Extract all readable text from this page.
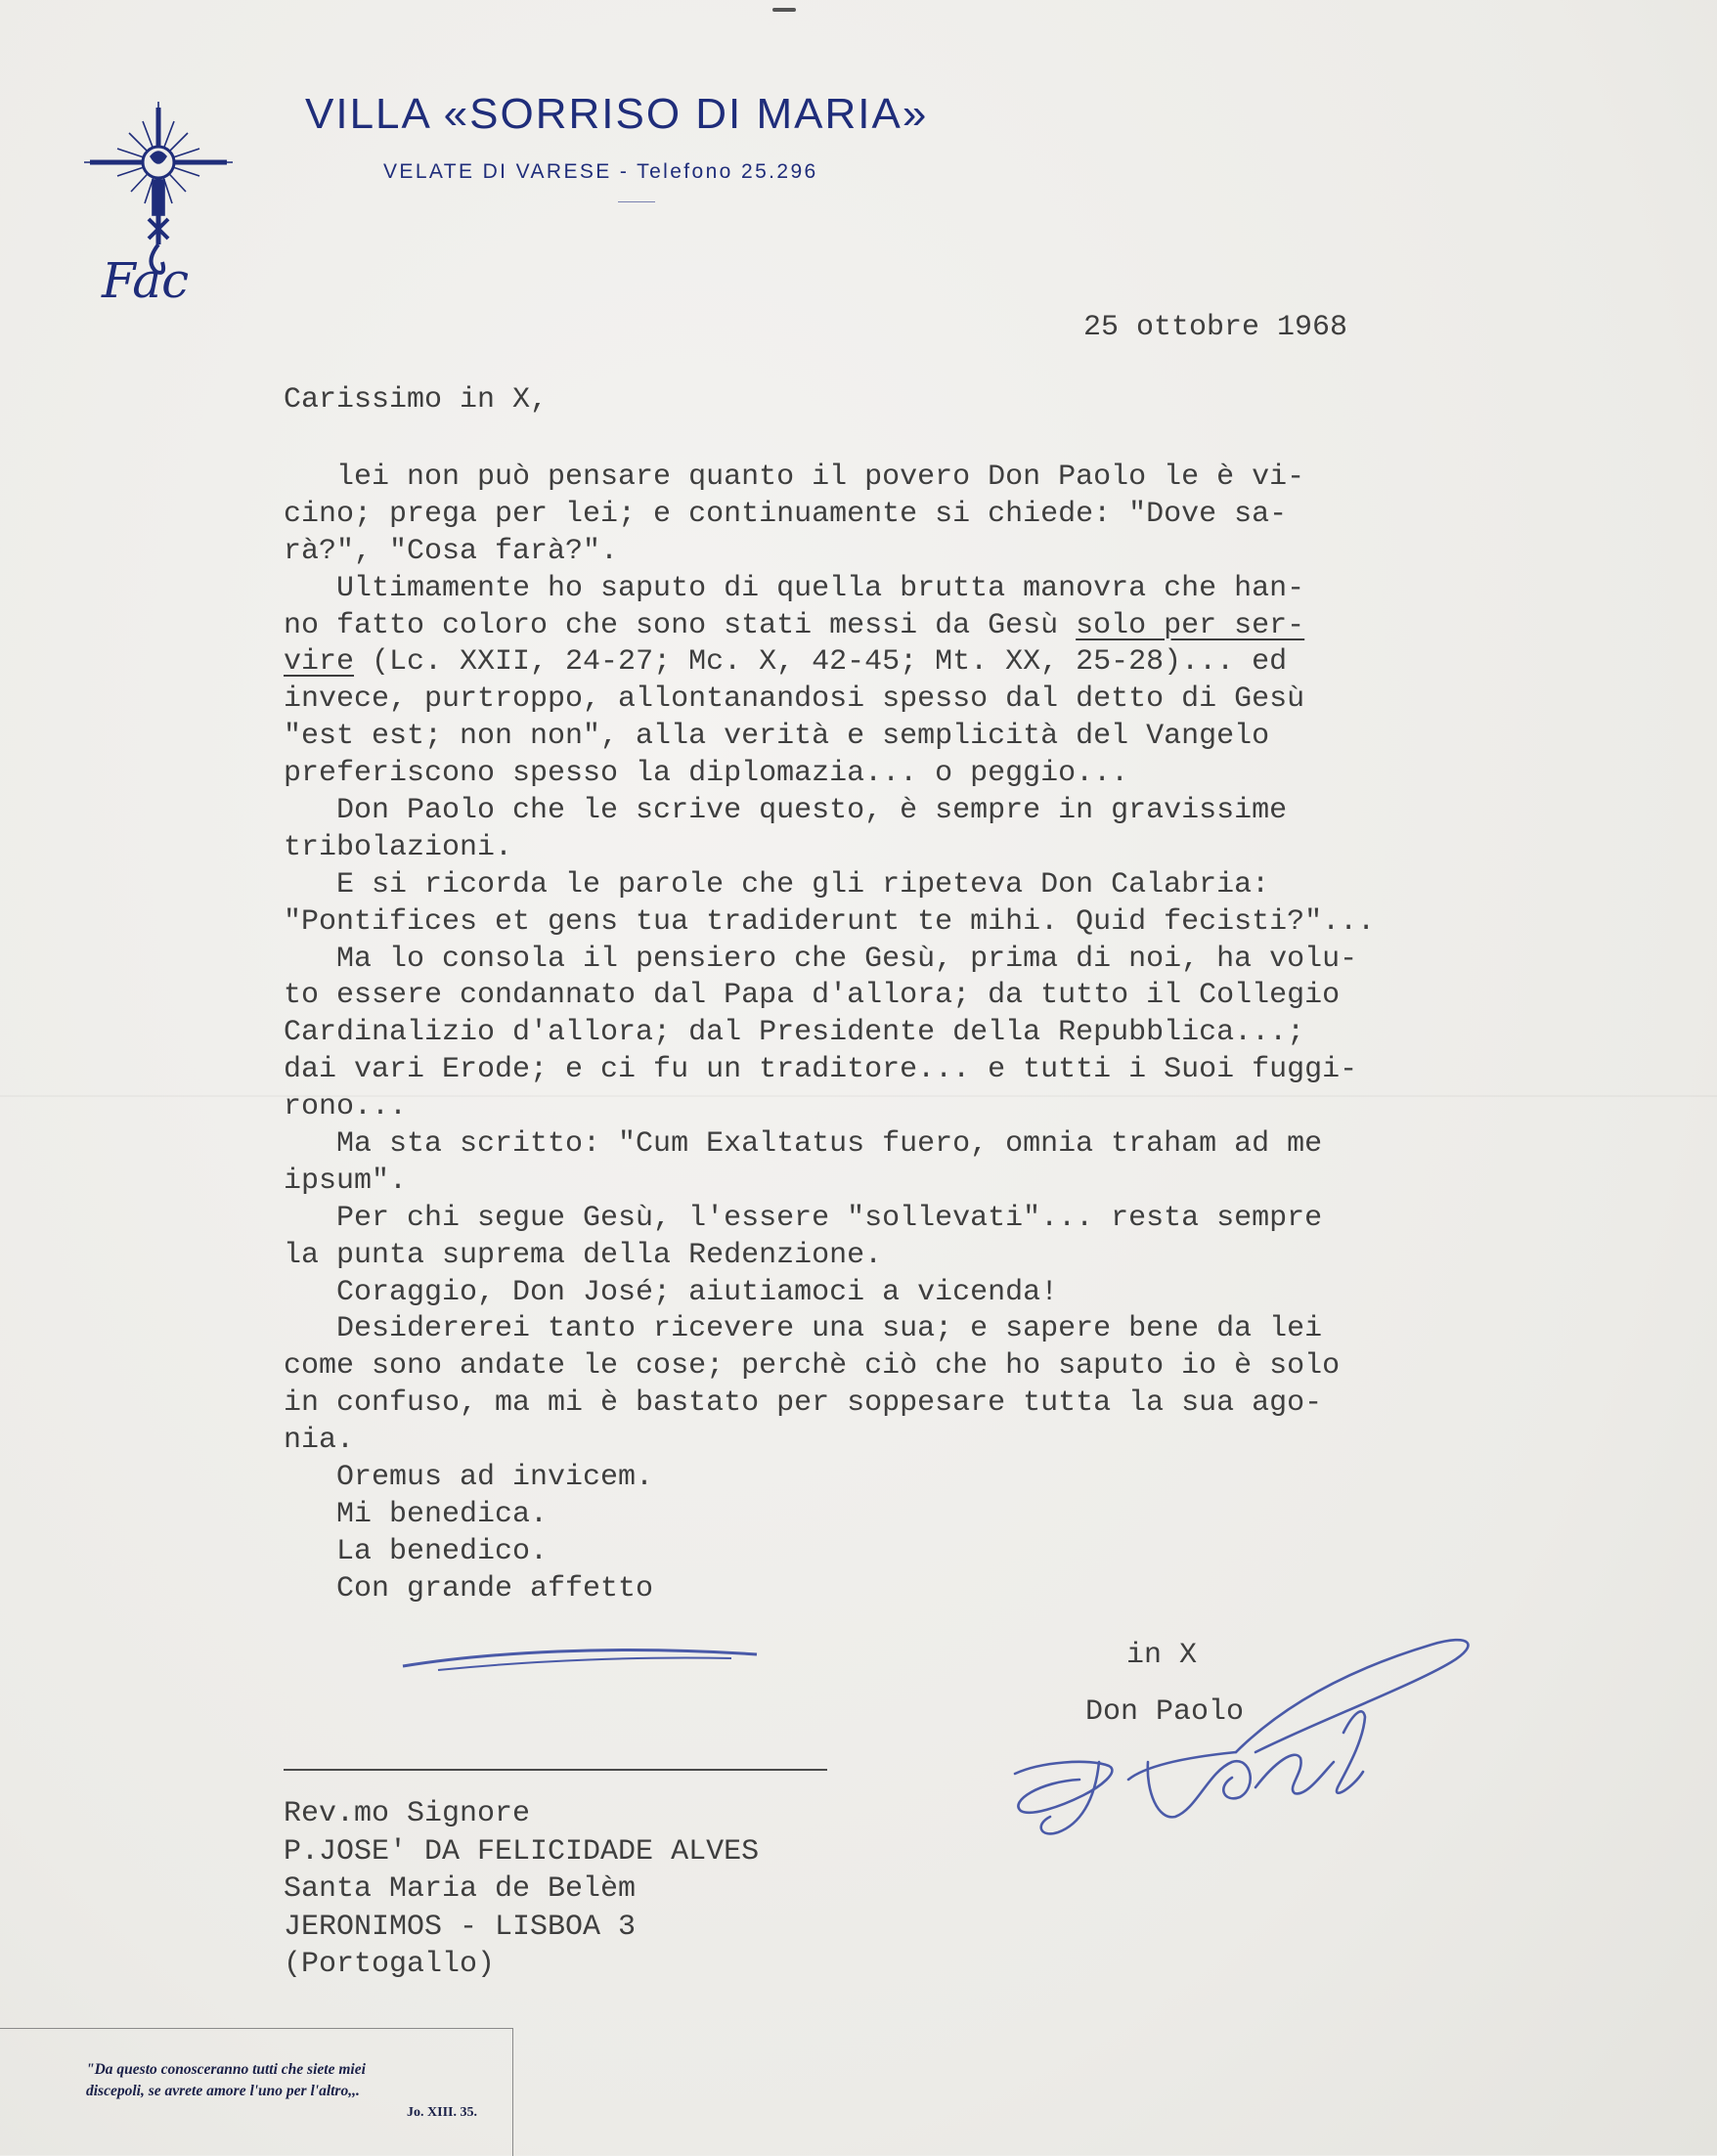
Fac
VILLA «SORRISO DI MARIA»
VELATE DI VARESE - Telefono 25.296
25 ottobre 1968
Carissimo in X,
lei non può pensare quanto il povero Don Paolo le è vi-
cino; prega per lei; e continuamente si chiede: "Dove sa-
rà?", "Cosa farà?".
Ultimamente ho saputo di quella brutta manovra che han-
no fatto coloro che sono stati messi da Gesù solo per ser-
vire (Lc. XXII, 24-27; Mc. X, 42-45; Mt. XX, 25-28)... ed
invece, purtroppo, allontanandosi spesso dal detto di Gesù
"est est; non non", alla verità e semplicità del Vangelo
preferiscono spesso la diplomazia... o peggio...
Don Paolo che le scrive questo, è sempre in gravissime
tribolazioni.
E si ricorda le parole che gli ripeteva Don Calabria:
"Pontifices et gens tua tradiderunt te mihi. Quid fecisti?"...
Ma lo consola il pensiero che Gesù, prima di noi, ha volu-
to essere condannato dal Papa d'allora; da tutto il Collegio
Cardinalizio d'allora; dal Presidente della Repubblica...;
dai vari Erode; e ci fu un traditore... e tutti i Suoi fuggi-
rono...
Ma sta scritto: "Cum Exaltatus fuero, omnia traham ad me
ipsum".
Per chi segue Gesù, l'essere "sollevati"... resta sempre
la punta suprema della Redenzione.
Coraggio, Don José; aiutiamoci a vicenda!
Desidererei tanto ricevere una sua; e sapere bene da lei
come sono andate le cose; perchè ciò che ho saputo io è solo
in confuso, ma mi è bastato per soppesare tutta la sua ago-
nia.
Oremus ad invicem.
Mi benedica.
La benedico.
Con grande affetto
in X
Don Paolo
Rev.mo Signore
P.JOSE' DA FELICIDADE ALVES
Santa Maria de Belèm
JERONIMOS - LISBOA 3
(Portogallo)
"Da questo conosceranno tutti che siete miei
discepoli, se avrete amore l'uno per l'altro,,.
Jo. XIII. 35.
